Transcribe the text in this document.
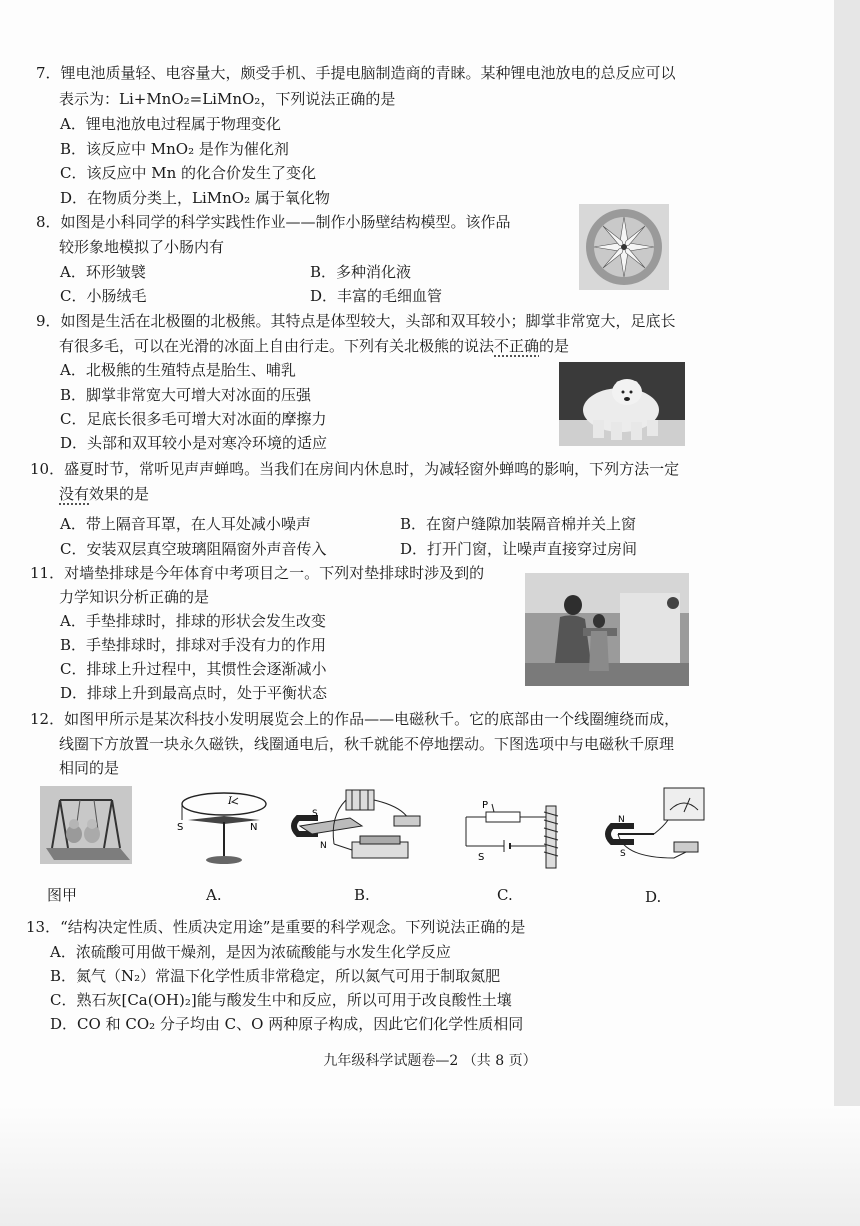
7．锂电池质量轻、电容量大，颇受手机、手提电脑制造商的青睐。某种锂电池放电的总反应可以
表示为：Li+MnO₂=LiMnO₂，下列说法正确的是
A．锂电池放电过程属于物理变化
B．该反应中 MnO₂ 是作为催化剂
C．该反应中 Mn 的化合价发生了变化
D．在物质分类上，LiMnO₂ 属于氧化物
8．如图是小科同学的科学实践性作业——制作小肠壁结构模型。该作品
较形象地模拟了小肠内有
A．环形皱襞	B．多种消化液
C．小肠绒毛	D．丰富的毛细血管
9．如图是生活在北极圈的北极熊。其特点是体型较大，头部和双耳较小；脚掌非常宽大，足底长
有很多毛，可以在光滑的冰面上自由行走。下列有关北极熊的说法不正确的是
A．北极熊的生殖特点是胎生、哺乳
B．脚掌非常宽大可增大对冰面的压强
C．足底长很多毛可增大对冰面的摩擦力
D．头部和双耳较小是对寒冷环境的适应
10．盛夏时节，常听见声声蝉鸣。当我们在房间内休息时，为减轻窗外蝉鸣的影响，下列方法一定
没有效果的是
A．带上隔音耳罩，在人耳处减小噪声	B．在窗户缝隙加装隔音棉并关上窗
C．安装双层真空玻璃阻隔窗外声音传入	D．打开门窗，让噪声直接穿过房间
11．对墙垫排球是今年体育中考项目之一。下列对垫排球时涉及到的
力学知识分析正确的是
A．手垫排球时，排球的形状会发生改变
B．手垫排球时，排球对手没有力的作用
C．排球上升过程中，其惯性会逐渐减小
D．排球上升到最高点时，处于平衡状态
12．如图甲所示是某次科技小发明展览会上的作品——电磁秋千。它的底部由一个线圈缠绕而成，
线圈下方放置一块永久磁铁，线圈通电后，秋千就能不停地摆动。下图选项中与电磁秋千原理
相同的是
图甲
I
S	N
A.
S
N
B.
P
S
C.
N
S
D.
13．“结构决定性质、性质决定用途”是重要的科学观念。下列说法正确的是
A．浓硫酸可用做干燥剂，是因为浓硫酸能与水发生化学反应
B．氮气（N₂）常温下化学性质非常稳定，所以氮气可用于制取氮肥
C．熟石灰[Ca(OH)₂]能与酸发生中和反应，所以可用于改良酸性土壤
D．CO 和 CO₂ 分子均由 C、O 两种原子构成，因此它们化学性质相同
九年级科学试题卷—2 （共 8 页）
